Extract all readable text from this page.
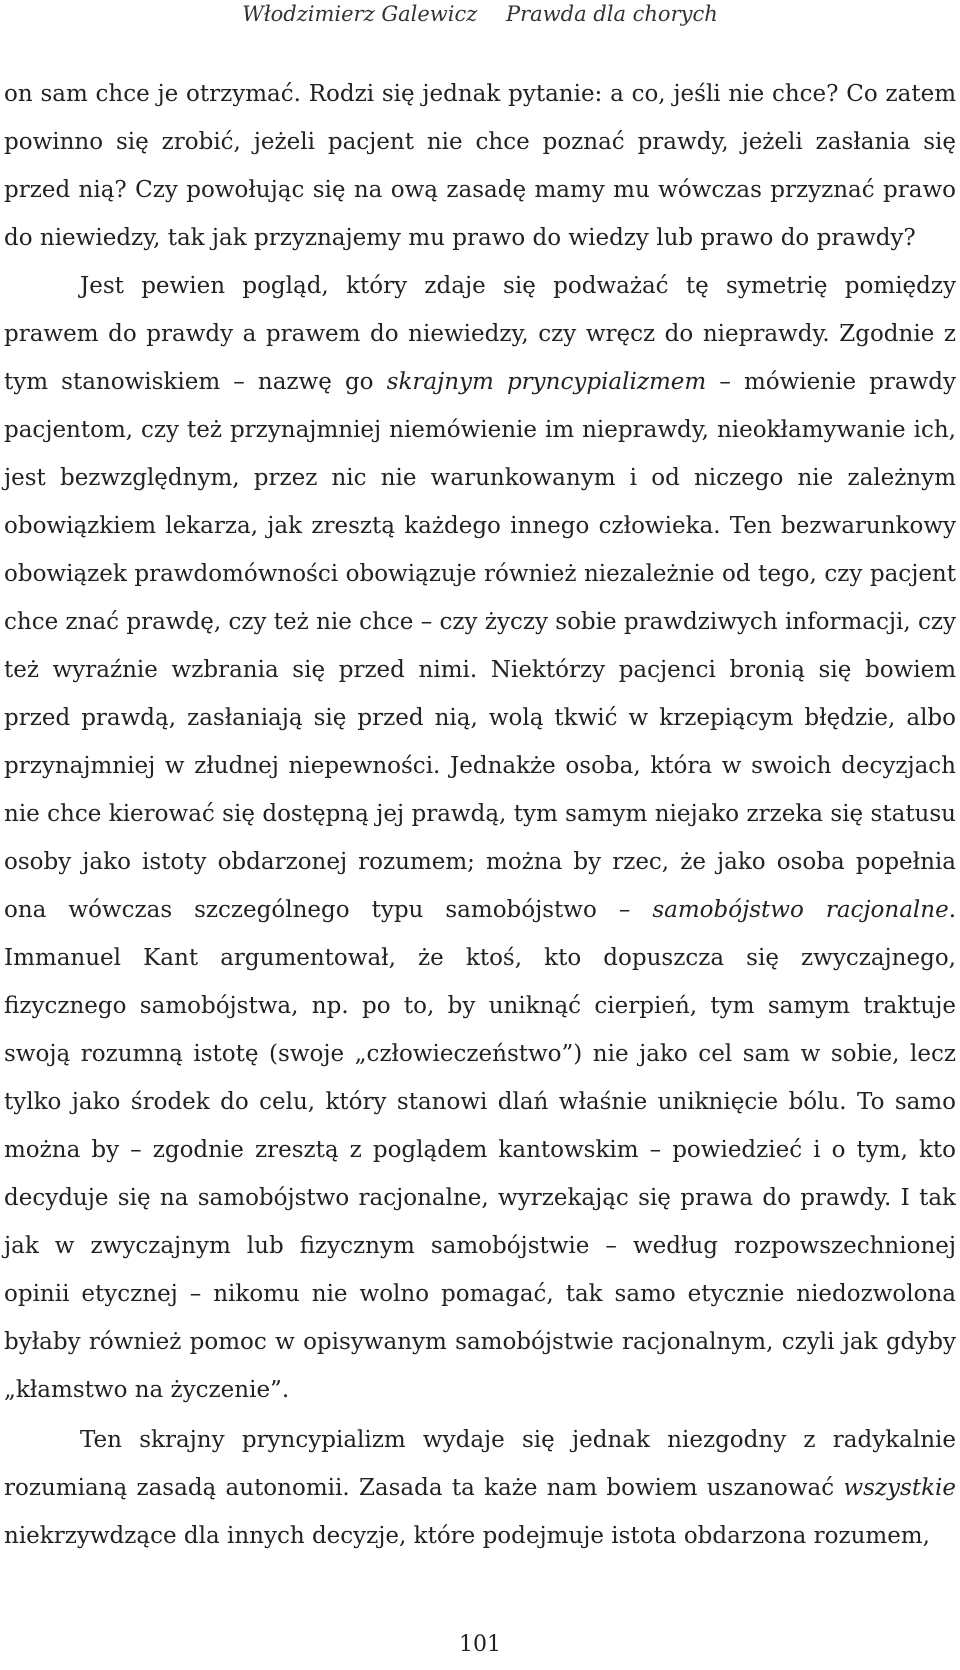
Włodzimierz Galewicz Prawda dla chorych

on sam chce je otrzymać. Rodzi się jednak pytanie: a co, jeśli nie chce? Co zatem powinno się zrobić, jeżeli pacjent nie chce poznać prawdy, jeżeli zasłania się przed nią? Czy powołując się na ową zasadę mamy mu wówczas przyznać prawo do niewiedzy, tak jak przyznajemy mu prawo do wiedzy lub prawo do prawdy?

Jest pewien pogląd, który zdaje się podważać tę symetrię pomiędzy prawem do prawdy a prawem do niewiedzy, czy wręcz do nieprawdy. Zgodnie z tym stanowiskiem – nazwę go skrajnym pryncypializmem – mówienie prawdy pacjentom, czy też przynajmniej niemówienie im nieprawdy, nieokłamywanie ich, jest bezwzględnym, przez nic nie warunkowanym i od niczego nie zależnym obowiązkiem lekarza, jak zresztą każdego innego człowieka. Ten bezwarunkowy obowiązek prawdomówności obowiązuje również niezależnie od tego, czy pacjent chce znać prawdę, czy też nie chce – czy życzy sobie prawdziwych informacji, czy też wyraźnie wzbrania się przed nimi. Niektórzy pacjenci bronią się bowiem przed prawdą, zasłaniają się przed nią, wolą tkwić w krzepiącym błędzie, albo przynajmniej w złudnej niepewności. Jednakże osoba, która w swoich decyzjach nie chce kierować się dostępną jej prawdą, tym samym niejako zrzeka się statusu osoby jako istoty obdarzonej rozumem; można by rzec, że jako osoba popełnia ona wówczas szczególnego typu samobójstwo – samobójstwo racjonalne. Immanuel Kant argumentował, że ktoś, kto dopuszcza się zwyczajnego, fizycznego samobójstwa, np. po to, by uniknąć cierpień, tym samym traktuje swoją rozumną istotę (swoje „człowieczeństwo”) nie jako cel sam w sobie, lecz tylko jako środek do celu, który stanowi dlań właśnie uniknięcie bólu. To samo można by – zgodnie zresztą z poglądem kantowskim – powiedzieć i o tym, kto decyduje się na samobójstwo racjonalne, wyrzekając się prawa do prawdy. I tak jak w zwyczajnym lub fizycznym samobójstwie – według rozpowszechnionej opinii etycznej – nikomu nie wolno pomagać, tak samo etycznie niedozwolona byłaby również pomoc w opisywanym samobójstwie racjonalnym, czyli jak gdyby „kłamstwo na życzenie”.

Ten skrajny pryncypializm wydaje się jednak niezgodny z radykalnie rozumianą zasadą autonomii. Zasada ta każe nam bowiem uszanować wszystkie niekrzywdzące dla innych decyzje, które podejmuje istota obdarzona rozumem,

101
